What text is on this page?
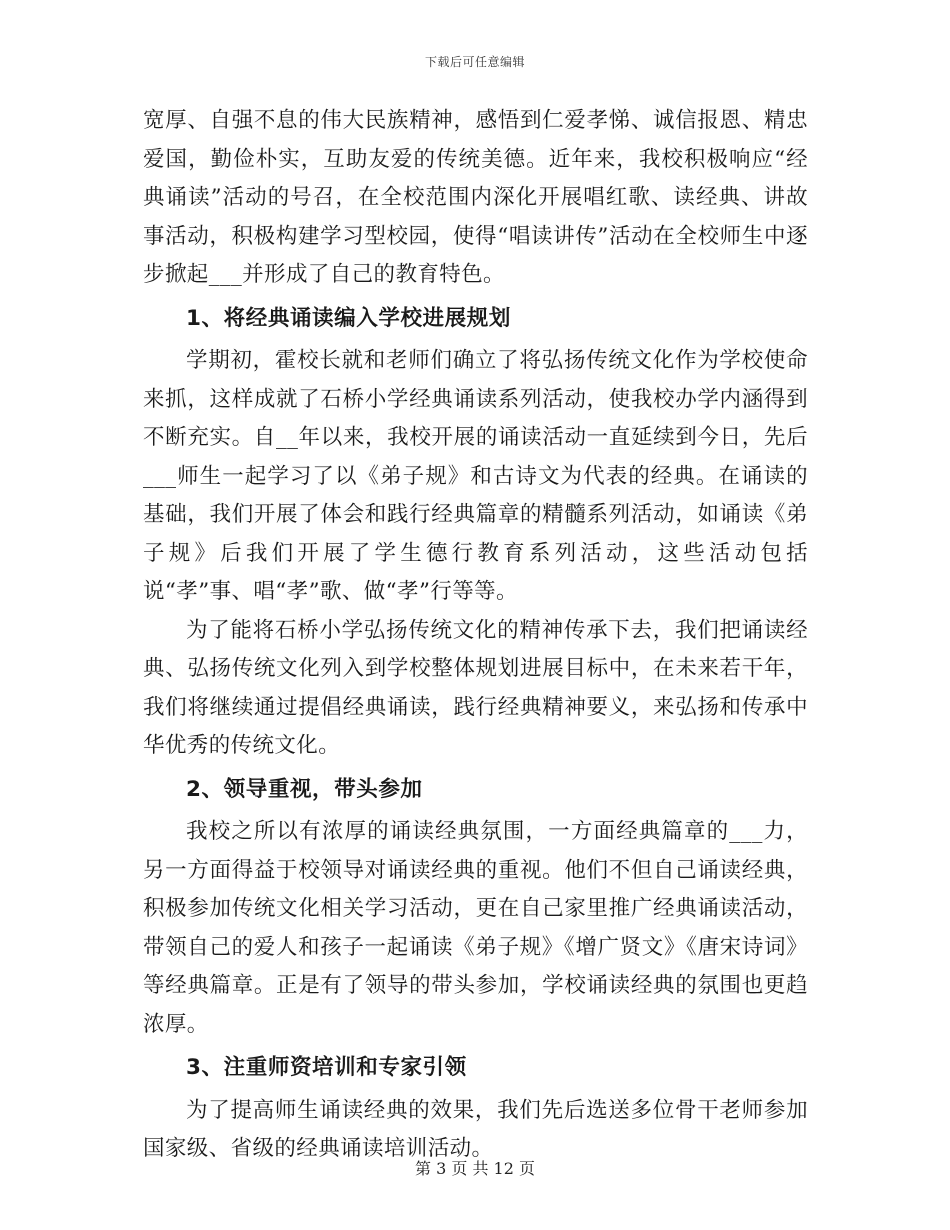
下载后可任意编辑

宽厚、自强不息的伟大民族精神，感悟到仁爱孝悌、诚信报恩、精忠爱国，勤俭朴实，互助友爱的传统美德。近年来，我校积极响应“经典诵读”活动的号召，在全校范围内深化开展唱红歌、读经典、讲故事活动，积极构建学习型校园，使得“唱读讲传”活动在全校师生中逐步掀起___并形成了自己的教育特色。

1、将经典诵读编入学校进展规划

学期初，霍校长就和老师们确立了将弘扬传统文化作为学校使命来抓，这样成就了石桥小学经典诵读系列活动，使我校办学内涵得到不断充实。自__年以来，我校开展的诵读活动一直延续到今日，先后___师生一起学习了以《弟子规》和古诗文为代表的经典。在诵读的基础，我们开展了体会和践行经典篇章的精髓系列活动，如诵读《弟子规》后我们开展了学生德行教育系列活动，这些活动包括说“孝”事、唱“孝”歌、做“孝”行等等。

为了能将石桥小学弘扬传统文化的精神传承下去，我们把诵读经典、弘扬传统文化列入到学校整体规划进展目标中，在未来若干年，我们将继续通过提倡经典诵读，践行经典精神要义，来弘扬和传承中华优秀的传统文化。

2、领导重视，带头参加

我校之所以有浓厚的诵读经典氛围，一方面经典篇章的___力，另一方面得益于校领导对诵读经典的重视。他们不但自己诵读经典，积极参加传统文化相关学习活动，更在自己家里推广经典诵读活动，带领自己的爱人和孩子一起诵读《弟子规》《增广贤文》《唐宋诗词》等经典篇章。正是有了领导的带头参加，学校诵读经典的氛围也更趋浓厚。

3、注重师资培训和专家引领

为了提高师生诵读经典的效果，我们先后选送多位骨干老师参加国家级、省级的经典诵读培训活动。

第 3 页 共 12 页
